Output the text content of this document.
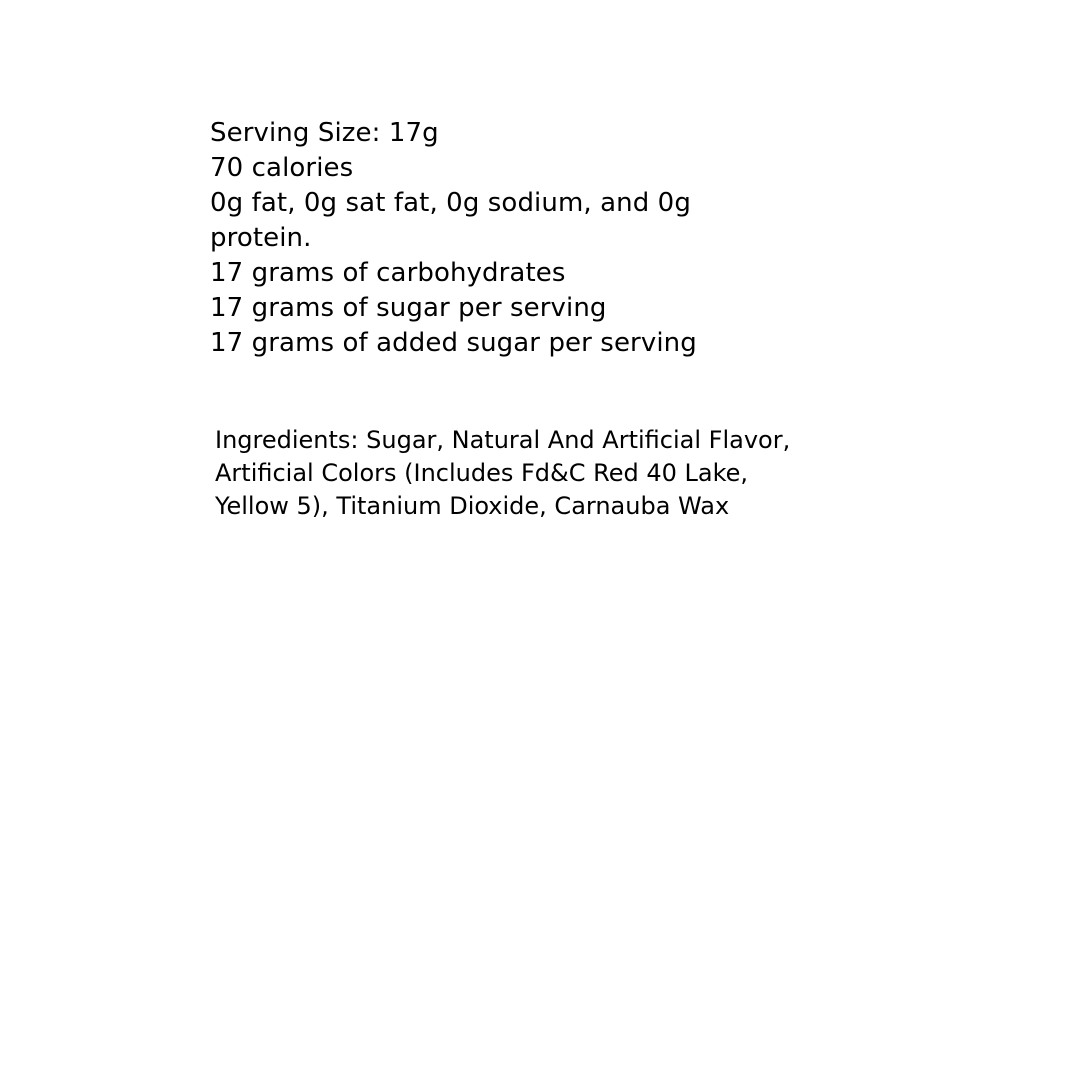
Serving Size: 17g
70 calories
0g fat, 0g sat fat, 0g sodium, and 0g
protein.
17 grams of carbohydrates
17 grams of sugar per serving
17 grams of added sugar per serving
Ingredients: Sugar, Natural And Artificial Flavor,
Artificial Colors (Includes Fd&C Red 40 Lake,
Yellow 5), Titanium Dioxide, Carnauba Wax
